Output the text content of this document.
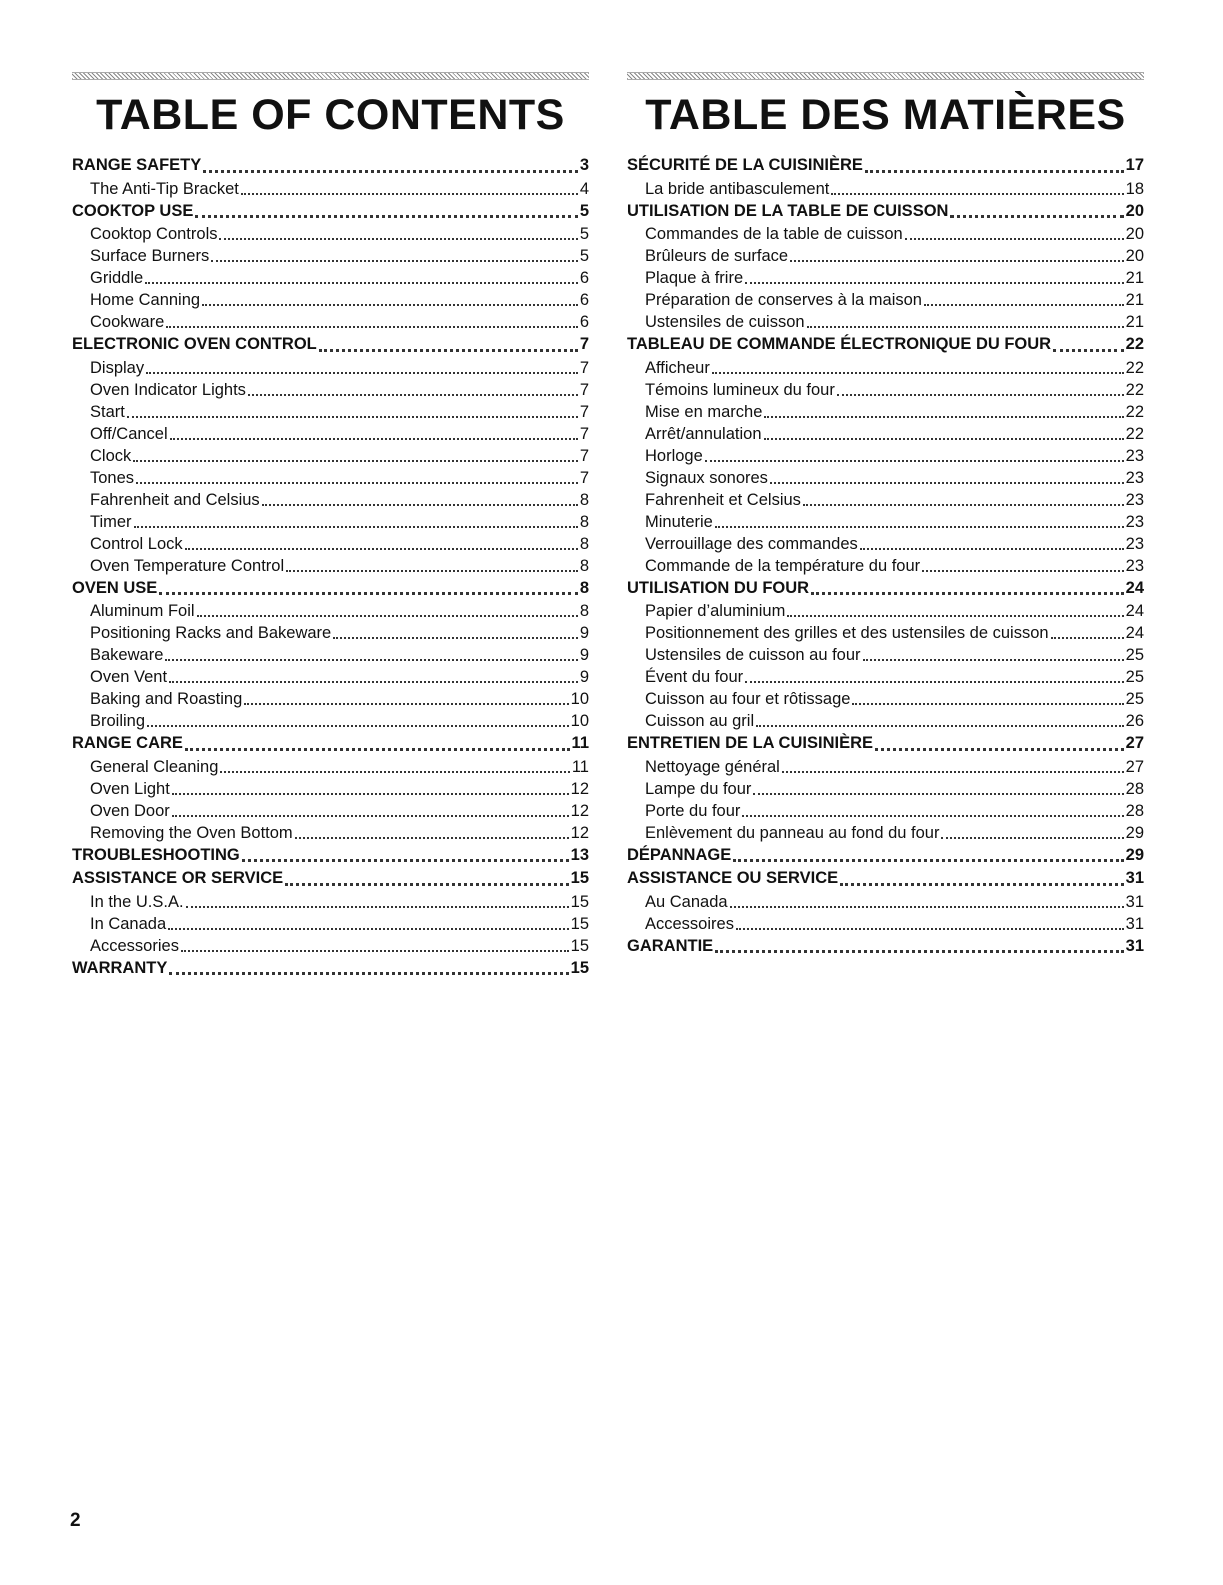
TABLE OF CONTENTS
RANGE SAFETY	3
The Anti-Tip Bracket	4
COOKTOP USE	5
Cooktop Controls	5
Surface Burners	5
Griddle	6
Home Canning	6
Cookware	6
ELECTRONIC OVEN CONTROL	7
Display	7
Oven Indicator Lights	7
Start	7
Off/Cancel	7
Clock	7
Tones	7
Fahrenheit and Celsius	8
Timer	8
Control Lock	8
Oven Temperature Control	8
OVEN USE	8
Aluminum Foil	8
Positioning Racks and Bakeware	9
Bakeware	9
Oven Vent	9
Baking and Roasting	10
Broiling	10
RANGE CARE	11
General Cleaning	11
Oven Light	12
Oven Door	12
Removing the Oven Bottom	12
TROUBLESHOOTING	13
ASSISTANCE OR SERVICE	15
In the U.S.A.	15
In Canada	15
Accessories	15
WARRANTY	15
TABLE DES MATIÈRES
SÉCURITÉ DE LA CUISINIÈRE	17
La bride antibasculement	18
UTILISATION DE LA TABLE DE CUISSON	20
Commandes de la table de cuisson	20
Brûleurs de surface	20
Plaque à frire	21
Préparation de conserves à la maison	21
Ustensiles de cuisson	21
TABLEAU DE COMMANDE ÉLECTRONIQUE DU FOUR	22
Afficheur	22
Témoins lumineux du four	22
Mise en marche	22
Arrêt/annulation	22
Horloge	23
Signaux sonores	23
Fahrenheit et Celsius	23
Minuterie	23
Verrouillage des commandes	23
Commande de la température du four	23
UTILISATION DU FOUR	24
Papier d’aluminium	24
Positionnement des grilles et des ustensiles de cuisson	24
Ustensiles de cuisson au four	25
Évent du four	25
Cuisson au four et rôtissage	25
Cuisson au gril	26
ENTRETIEN DE LA CUISINIÈRE	27
Nettoyage général	27
Lampe du four	28
Porte du four	28
Enlèvement du panneau au fond du four	29
DÉPANNAGE	29
ASSISTANCE OU SERVICE	31
Au Canada	31
Accessoires	31
GARANTIE	31
2
